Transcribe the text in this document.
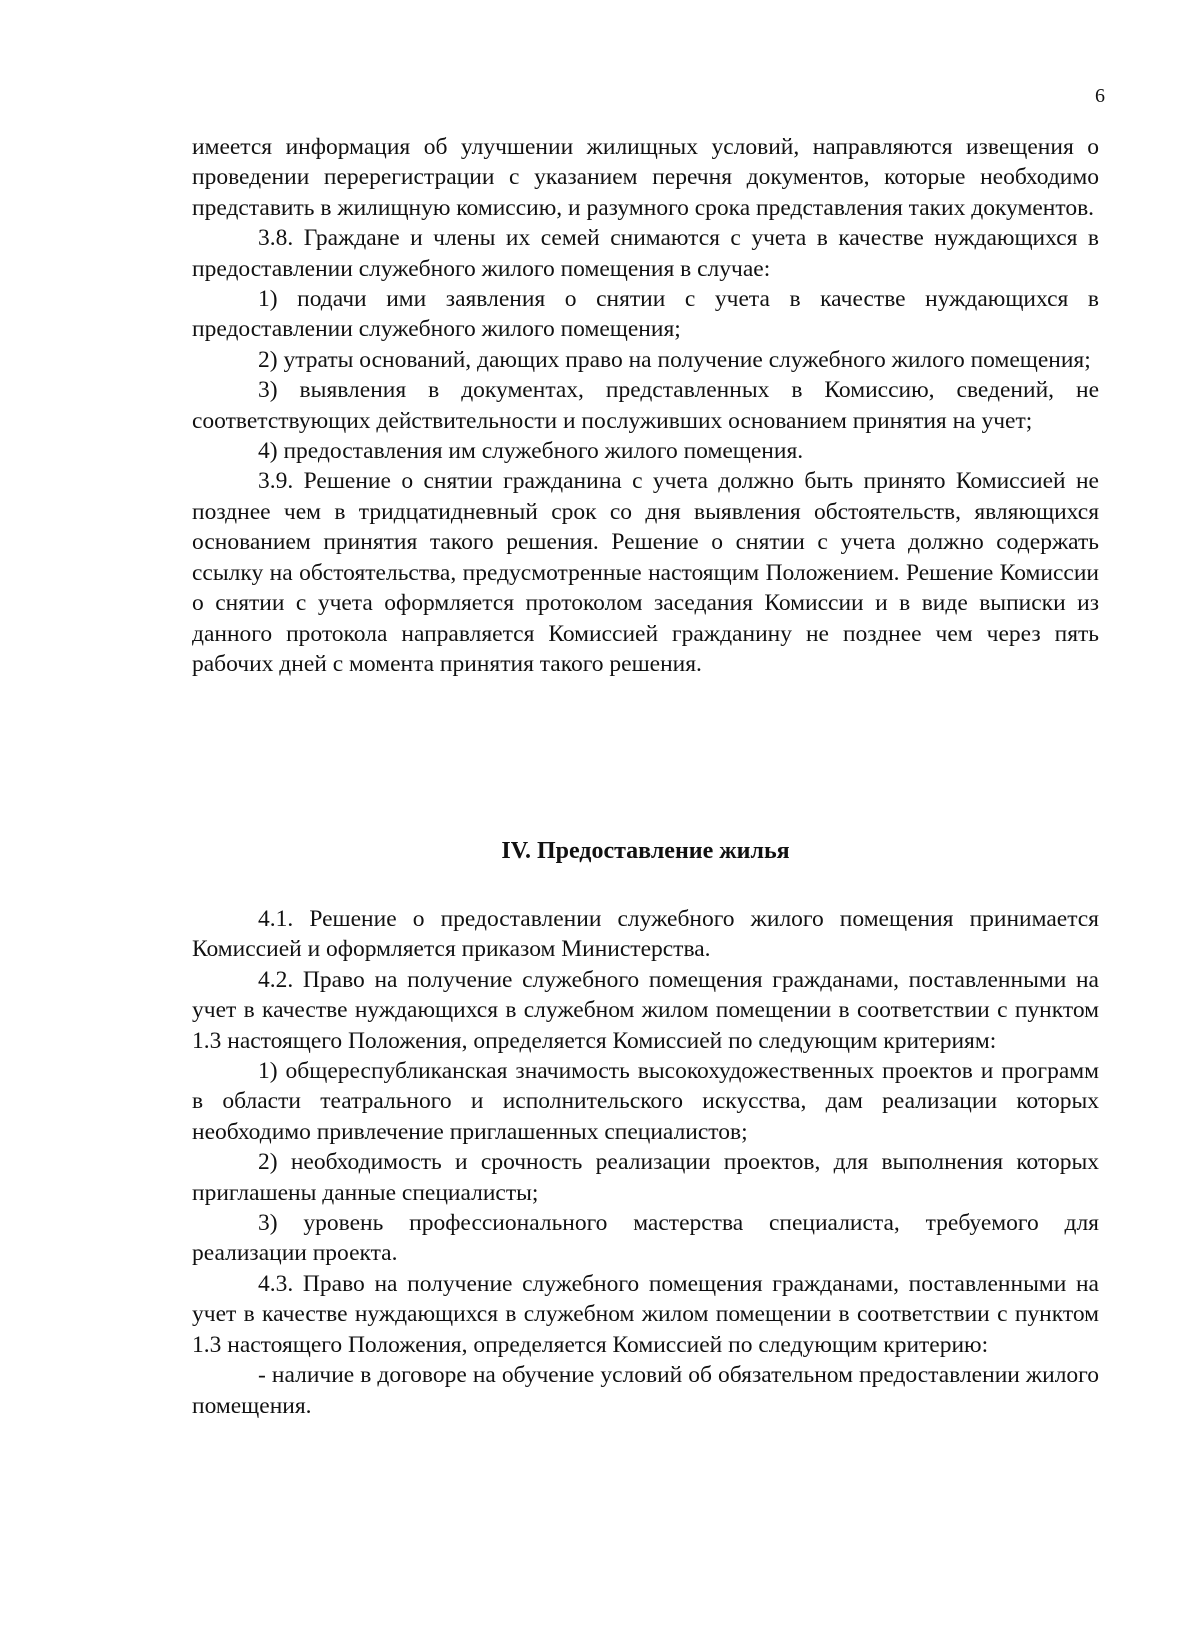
6

имеется информация об улучшении жилищных условий, направляются извещения о проведении перерегистрации с указанием перечня документов, которые необходимо представить в жилищную комиссию, и разумного срока представления таких документов.

3.8. Граждане и члены их семей снимаются с учета в качестве нуждающихся в предоставлении служебного жилого помещения в случае:

1) подачи ими заявления о снятии с учета в качестве нуждающихся в предоставлении служебного жилого помещения;

2) утраты оснований, дающих право на получение служебного жилого помещения;

3) выявления в документах, представленных в Комиссию, сведений, не соответствующих действительности и послуживших основанием принятия на учет;

4) предоставления им служебного жилого помещения.

3.9. Решение о снятии гражданина с учета должно быть принято Комиссией не позднее чем в тридцатидневный срок со дня выявления обстоятельств, являющихся основанием принятия такого решения. Решение о снятии с учета должно содержать ссылку на обстоятельства, предусмотренные настоящим Положением. Решение Комиссии о снятии с учета оформляется протоколом заседания Комиссии и в виде выписки из данного протокола направляется Комиссией гражданину не позднее чем через пять рабочих дней с момента принятия такого решения.

IV. Предоставление жилья

4.1. Решение о предоставлении служебного жилого помещения принимается Комиссией и оформляется приказом Министерства.

4.2. Право на получение служебного помещения гражданами, поставленными на учет в качестве нуждающихся в служебном жилом помещении в соответствии с пунктом 1.3 настоящего Положения, определяется Комиссией по следующим критериям:

1) общереспубликанская значимость высокохудожественных проектов и программ в области театрального и исполнительского искусства, дам реализации которых необходимо привлечение приглашенных специалистов;

2) необходимость и срочность реализации проектов, для выполнения которых приглашены данные специалисты;

3) уровень профессионального мастерства специалиста, требуемого для реализации проекта.

4.3. Право на получение служебного помещения гражданами, поставленными на учет в качестве нуждающихся в служебном жилом помещении в соответствии с пунктом 1.3 настоящего Положения, определяется Комиссией по следующим критерию:

- наличие в договоре на обучение условий об обязательном предоставлении жилого помещения.
